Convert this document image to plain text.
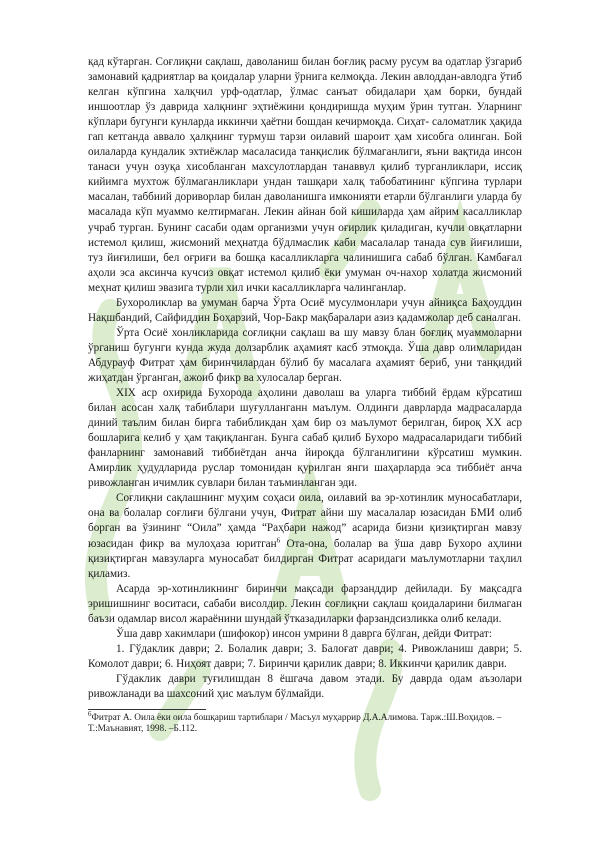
қад кўтарган. Соғлиқни сақлаш, даволаниш билан боғлиқ расму русум ва одатлар ўзгариб замонавий қадриятлар ва қоидалар уларни ўрнига келмоқда. Лекин авлоддан-авлодга ўтиб келган кўпгина халқчил урф-одатлар, ўлмас санъат обидалари ҳам борки, бундай иншоотлар ўз даврида халқнинг эҳтиёжини қондиришда муҳим ўрин тутган. Уларнинг кўплари бугунги кунларда иккинчи ҳаётни бошдан кечирмоқда. Сиҳат- саломатлик ҳақида гап кетганда аввало ҳалқнинг турмуш тарзи оилавий шароит ҳам хисобга олинган. Бой оилаларда кундалик эхтиёжлар масаласида танқислик бўлмаганлиги, яъни вақтида инсон танаси учун озуқа хисобланган махсулотлардан танаввул қилиб турганликлари, иссиқ кийимга мухтож бўлмаганликлари ундан ташқари халқ табобатининг кўпгина турлари масалан, таббиий дориворлар билан даволанишга имконияти етарли бўлганлиги уларда бу масалада кўп муаммо келтирмаган. Лекин айнан бой кишиларда ҳам айрим касалликлар учраб турган. Бунинг сасаби одам организми учун оғирлик қиладиган, кучли овқатларни истемол қилиш, жисмоний меҳнатда бўдлмаслик каби масалалар танада сув йиғилиши, туз йиғилиши, бел оғриғи ва бошқа касалликларга чалинишига сабаб бўлган. Камбағал аҳоли эса аксинча кучсиз овқат истемол қилиб ёки умуман оч-нахор холатда жисмоний меҳнат қилиш эвазига турли хил ички касалликларга чалинганлар.

Бухороликлар ва умуман барча Ўрта Осиё мусулмонлари учун айниқса Баҳоуддин Нақшбандий, Сайфиддин Боҳарзий, Чор-Бакр мақбаралари азиз қадамжолар деб саналган.

Ўрта Осиё хонликларида соғлиқни сақлаш ва шу мавзу блан боғлиқ муаммоларни ўрганиш бугунги кунда жуда долзарблик аҳамият касб этмоқда. Ўша давр олимларидан Абдурауф Фитрат ҳам биринчилардан бўлиб бу масалага аҳамият бериб, уни танқидий жиҳатдан ўрганган, ажоиб фикр ва хулосалар берган.

XIX аср охирида Бухорода аҳолини даволаш ва уларга тиббий ёрдам кўрсатиш билан асосан халқ табиблари шуғулланганн маълум. Олдинги даврларда мадрасаларда диний таълим билан бирга табибликдан ҳам бир оз маълумот берилган, бироқ XX аср бошларига келиб у ҳам тақиқланган. Бунга сабаб қилиб Бухоро мадрасаларидаги тиббий фанларнинг замонавий тиббиётдан анча йироқда бўлганлигини кўрсатиш мумкин. Амирлик ҳудудларида руслар томонидан қурилган янги шаҳарларда эса тиббиёт анча ривожланган ичимлик сувлари билан таъминланган эди.

Соғлиқни сақлашнинг муҳим соҳаси оила, оилавий ва эр-хотинлик муносабатлари, она ва болалар соғлиғи бўлгани учун, Фитрат айни шу масалалар юзасидан БМИ олиб борган ва ўзининг “Оила” ҳамда “Раҳбари нажод” асарида бизни қизиқтирган мавзу юзасидан фикр ва мулоҳаза юритган$^6$ Ота-она, болалар ва ўша давр Бухоро аҳлини қизиқтирган мавзуларга муносабат билдирган Фитрат асаридаги маълумотларни таҳлил қиламиз.

Асарда эр-хотинликнинг биринчи мақсади фарзанддир дейилади. Бу мақсадга эришишнинг воситаси, сабаби висолдир. Лекин соғлиқни сақлаш қоидаларини билмаган баъзи одамлар висол жараёнини шундай ўтказадиларки фарзандсизликка олиб келади.

Ўша давр хакимлари (шифокор) инсон умрини 8 даврга бўлган, дейди Фитрат:

1. Гўдаклик даври; 2. Болалик даври; 3. Балоғат даври; 4. Ривожланиш даври; 5. Комолот даври; 6. Ниҳоят даври; 7. Биринчи қарилик даври; 8. Иккинчи қарилик даври.

Гўдаклик даври туғилишдан 8 ёшгача давом этади. Бу даврда одам аъзолари ривожланади ва шахсоний ҳис маълум бўлмайди.

$^6$Фитрат А. Оила ёки оила бошқариш тартиблари / Масъул муҳаррир Д.А.Алимова. Тарж.:Ш.Воҳидов. – Т.:Маънавият, 1998. –Б.112.
